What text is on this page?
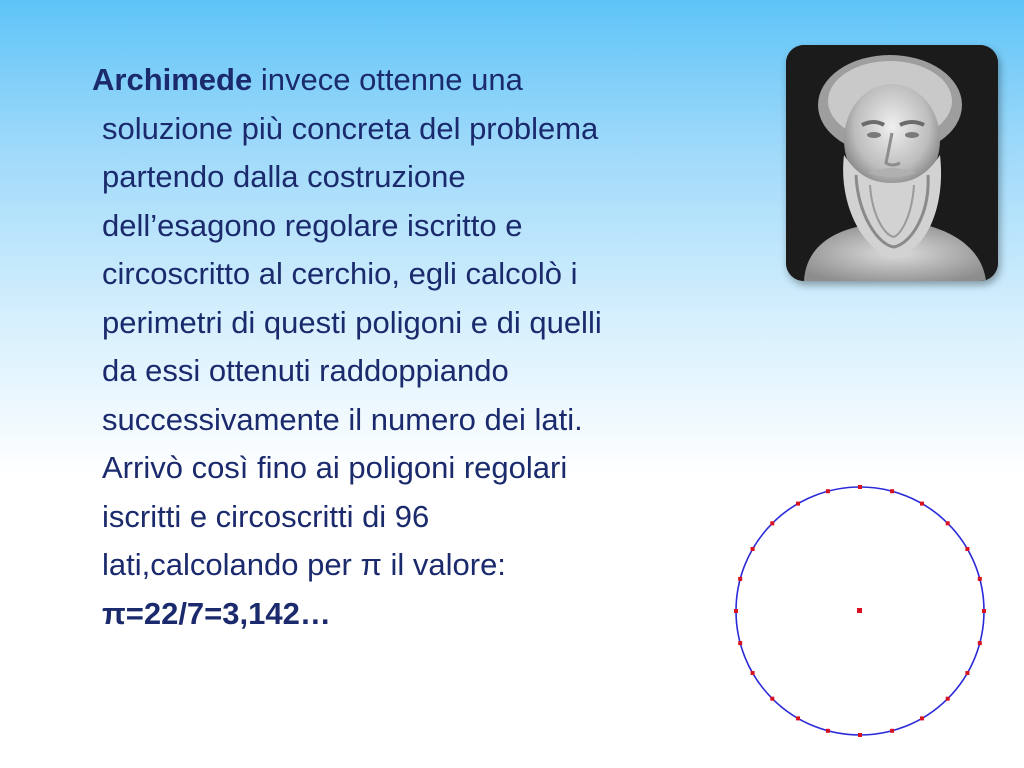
Archimede invece ottenne una
soluzione più concreta del problema
partendo dalla costruzione
dell’esagono regolare iscritto e
circoscritto al cerchio, egli calcolò i
perimetri di questi poligoni e di quelli
da essi ottenuti raddoppiando
successivamente il numero dei lati.
Arrivò così fino ai poligoni regolari
iscritti e circoscritti di 96
lati,calcolando per π il valore:
π=22/7=3,142…
